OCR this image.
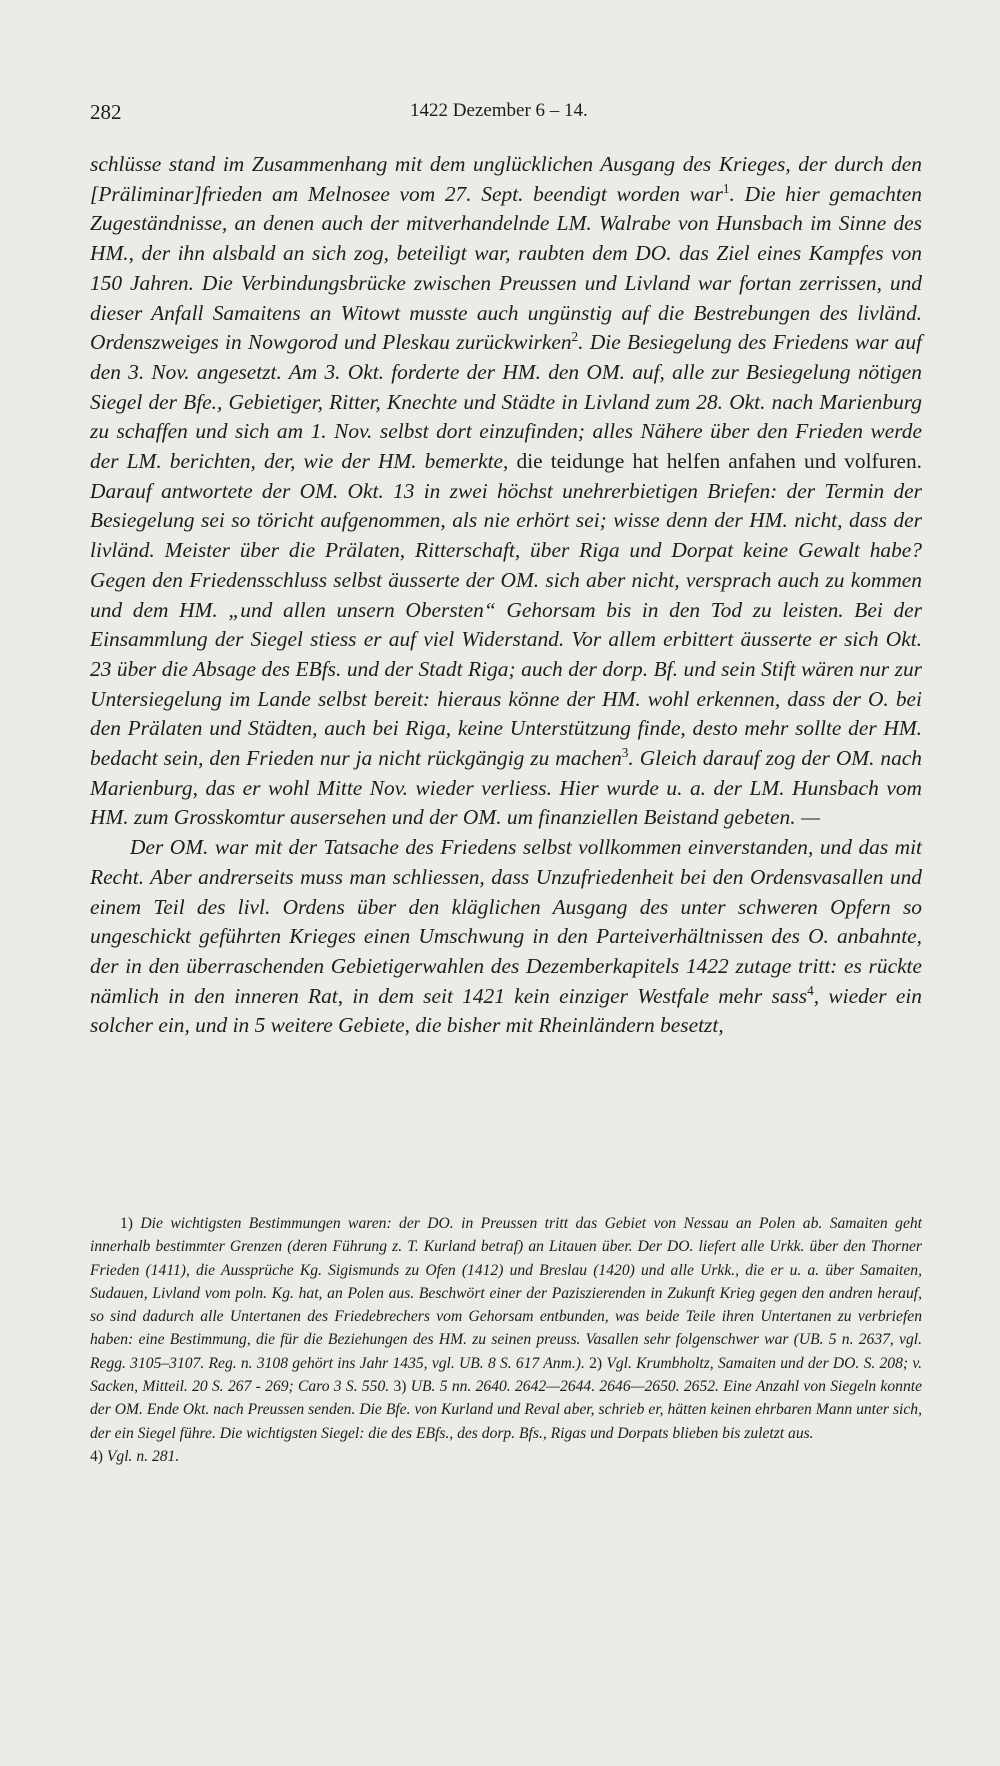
282	1422 Dezember 6 – 14.

schlüsse stand im Zusammenhang mit dem unglücklichen Ausgang des Krieges, der durch den [Präliminar]frieden am Melnosee vom 27. Sept. beendigt worden war$^1$. Die hier gemachten Zugeständnisse, an denen auch der mitverhandelnde LM. Walrabe von Hunsbach im Sinne des HM., der ihn alsbald an sich zog, beteiligt war, raubten dem DO. das Ziel eines Kampfes von 150 Jahren. Die Verbindungsbrücke zwischen Preussen und Livland war fortan zerrissen, und dieser Anfall Samaitens an Witowt musste auch ungünstig auf die Bestrebungen des livländ. Ordenszweiges in Nowgorod und Pleskau zurückwirken$^2$. Die Besiegelung des Friedens war auf den 3. Nov. angesetzt. Am 3. Okt. forderte der HM. den OM. auf, alle zur Besiegelung nötigen Siegel der Bfe., Gebietiger, Ritter, Knechte und Städte in Livland zum 28. Okt. nach Marienburg zu schaffen und sich am 1. Nov. selbst dort einzufinden; alles Nähere über den Frieden werde der LM. berichten, der, wie der HM. bemerkte, die teidunge hat helfen anfahen und volfuren. Darauf antwortete der OM. Okt. 13 in zwei höchst unehrerbietigen Briefen: der Termin der Besiegelung sei so töricht aufgenommen, als nie erhört sei; wisse denn der HM. nicht, dass der livländ. Meister über die Prälaten, Ritterschaft, über Riga und Dorpat keine Gewalt habe? Gegen den Friedensschluss selbst äusserte der OM. sich aber nicht, versprach auch zu kommen und dem HM. „und allen unsern Obersten“ Gehorsam bis in den Tod zu leisten. Bei der Einsammlung der Siegel stiess er auf viel Widerstand. Vor allem erbittert äusserte er sich Okt. 23 über die Absage des EBfs. und der Stadt Riga; auch der dorp. Bf. und sein Stift wären nur zur Untersiegelung im Lande selbst bereit: hieraus könne der HM. wohl erkennen, dass der O. bei den Prälaten und Städten, auch bei Riga, keine Unterstützung finde, desto mehr sollte der HM. bedacht sein, den Frieden nur ja nicht rückgängig zu machen$^3$. Gleich darauf zog der OM. nach Marienburg, das er wohl Mitte Nov. wieder verliess. Hier wurde u. a. der LM. Hunsbach vom HM. zum Grosskomtur ausersehen und der OM. um finanziellen Beistand gebeten. —

Der OM. war mit der Tatsache des Friedens selbst vollkommen einverstanden, und das mit Recht. Aber andrerseits muss man schliessen, dass Unzufriedenheit bei den Ordensvasallen und einem Teil des livl. Ordens über den kläglichen Ausgang des unter schweren Opfern so ungeschickt geführten Krieges einen Umschwung in den Parteiverhältnissen des O. anbahnte, der in den überraschenden Gebietigerwahlen des Dezemberkapitels 1422 zutage tritt: es rückte nämlich in den inneren Rat, in dem seit 1421 kein einziger Westfale mehr sass$^4$, wieder ein solcher ein, und in 5 weitere Gebiete, die bisher mit Rheinländern besetzt,

1) Die wichtigsten Bestimmungen waren: der DO. in Preussen tritt das Gebiet von Nessau an Polen ab. Samaiten geht innerhalb bestimmter Grenzen (deren Führung z. T. Kurland betraf) an Litauen über. Der DO. liefert alle Urkk. über den Thorner Frieden (1411), die Aussprüche Kg. Sigismunds zu Ofen (1412) und Breslau (1420) und alle Urkk., die er u. a. über Samaiten, Sudauen, Livland vom poln. Kg. hat, an Polen aus. Beschwört einer der Paziszierenden in Zukunft Krieg gegen den andren herauf, so sind dadurch alle Untertanen des Friedebrechers vom Gehorsam entbunden, was beide Teile ihren Untertanen zu verbriefen haben: eine Bestimmung, die für die Beziehungen des HM. zu seinen preuss. Vasallen sehr folgenschwer war (UB. 5 n. 2637, vgl. Regg. 3105–3107. Reg. n. 3108 gehört ins Jahr 1435, vgl. UB. 8 S. 617 Anm.). 2) Vgl. Krumbholtz, Samaiten und der DO. S. 208; v. Sacken, Mitteil. 20 S. 267 - 269; Caro 3 S. 550. 3) UB. 5 nn. 2640. 2642—2644. 2646—2650. 2652. Eine Anzahl von Siegeln konnte der OM. Ende Okt. nach Preussen senden. Die Bfe. von Kurland und Reval aber, schrieb er, hätten keinen ehrbaren Mann unter sich, der ein Siegel führe. Die wichtigsten Siegel: die des EBfs., des dorp. Bfs., Rigas und Dorpats blieben bis zuletzt aus.

4) Vgl. n. 281.
